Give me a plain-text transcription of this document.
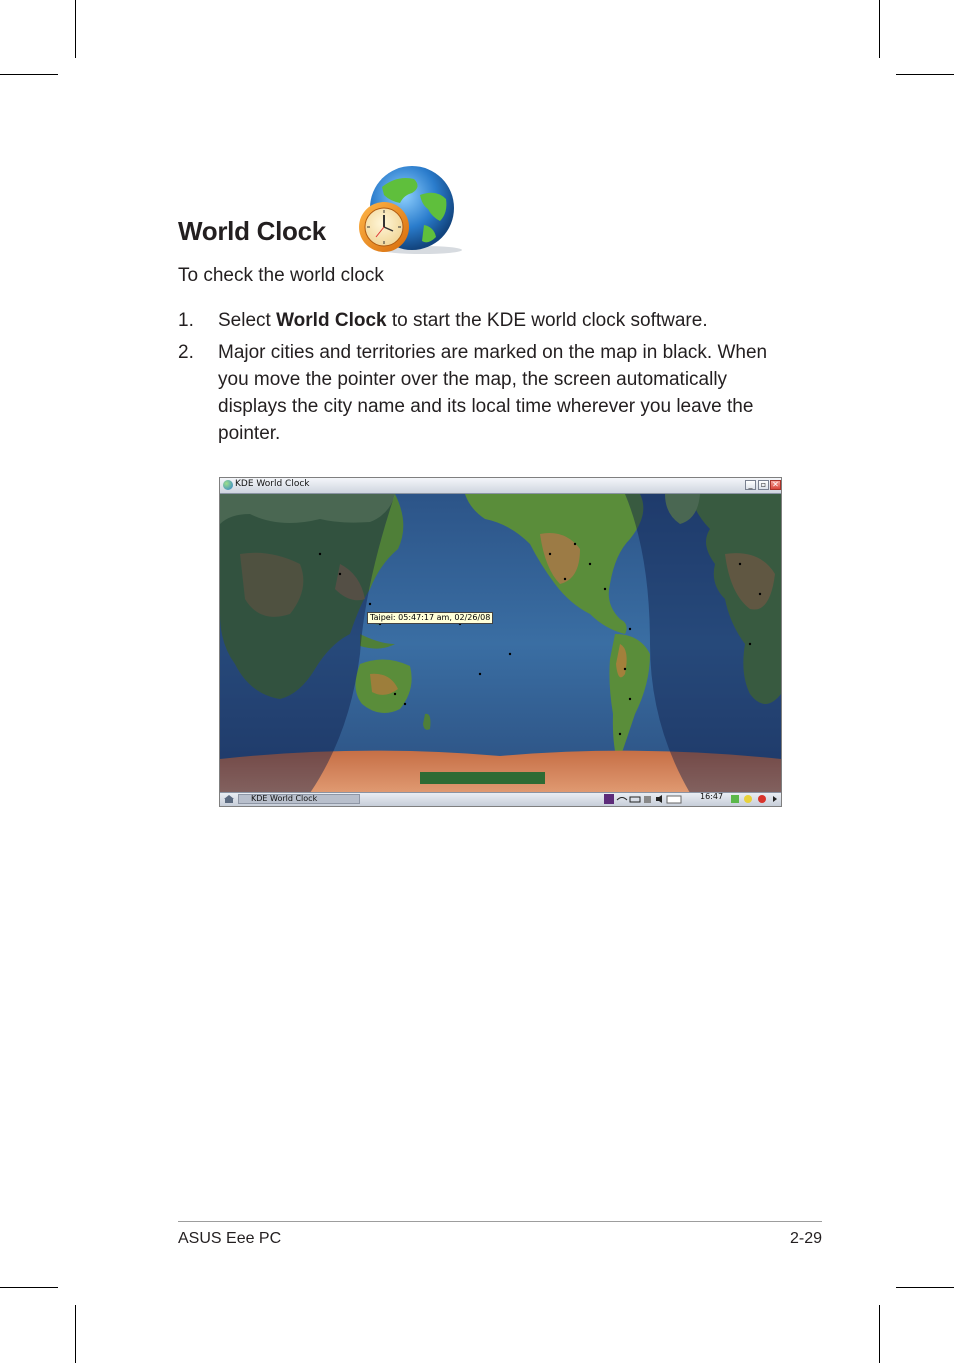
World Clock
To check the world clock
1.	Select World Clock to start the KDE world clock software.
2.	Major cities and territories are marked on the map in black. When you move the pointer over the map, the screen automatically displays the city name and its local time wherever you leave the pointer.
KDE World Clock	_	▫ ✕
Taipei: 05:47:17 am, 02/26/08
KDE World Clock	16:47
ASUS Eee PC	2-29
